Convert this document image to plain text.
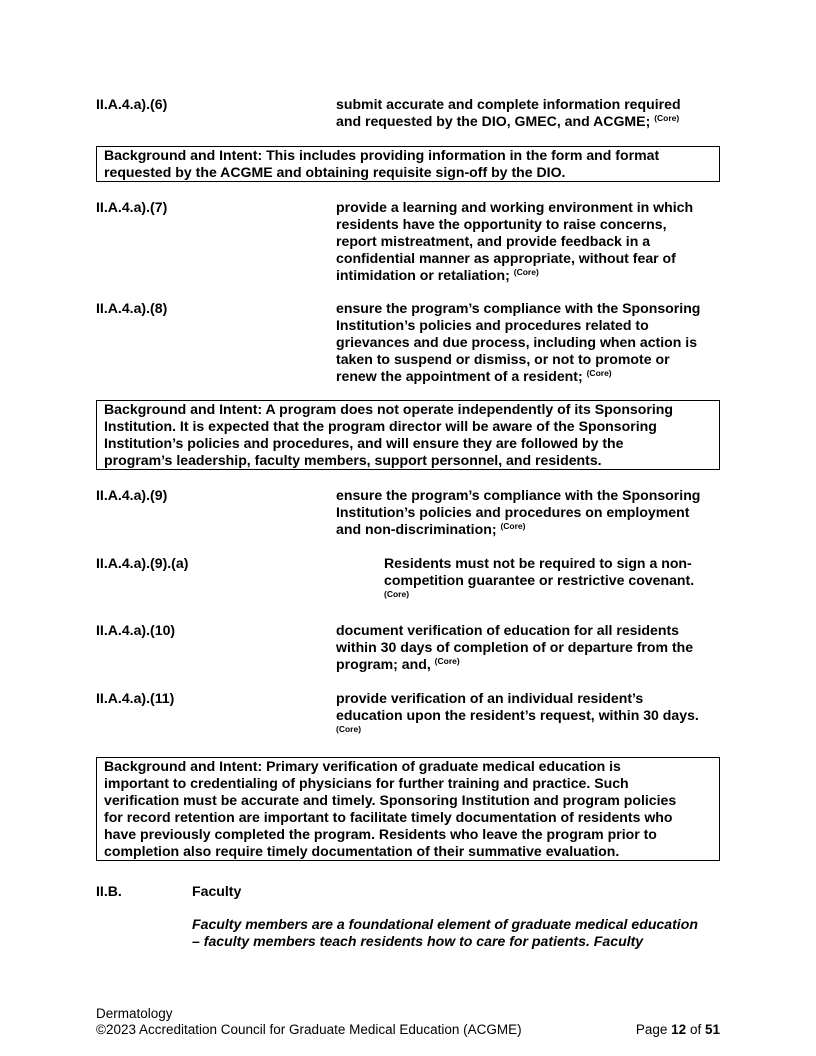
II.A.4.a).(6)	submit accurate and complete information required
and requested by the DIO, GMEC, and ACGME; $^{(Core)}$
Background and Intent: This includes providing information in the form and format
requested by the ACGME and obtaining requisite sign-off by the DIO.
II.A.4.a).(7)	provide a learning and working environment in which
residents have the opportunity to raise concerns,
report mistreatment, and provide feedback in a
confidential manner as appropriate, without fear of
intimidation or retaliation; $^{(Core)}$
II.A.4.a).(8)	ensure the program’s compliance with the Sponsoring
Institution’s policies and procedures related to
grievances and due process, including when action is
taken to suspend or dismiss, or not to promote or
renew the appointment of a resident; $^{(Core)}$
Background and Intent: A program does not operate independently of its Sponsoring
Institution. It is expected that the program director will be aware of the Sponsoring
Institution’s policies and procedures, and will ensure they are followed by the
program’s leadership, faculty members, support personnel, and residents.
II.A.4.a).(9)	ensure the program’s compliance with the Sponsoring
Institution’s policies and procedures on employment
and non-discrimination; $^{(Core)}$
II.A.4.a).(9).(a)	Residents must not be required to sign a non-
competition guarantee or restrictive covenant.
(Core)
II.A.4.a).(10)	document verification of education for all residents
within 30 days of completion of or departure from the
program; and, $^{(Core)}$
II.A.4.a).(11)	provide verification of an individual resident’s
education upon the resident’s request, within 30 days.
(Core)
Background and Intent: Primary verification of graduate medical education is
important to credentialing of physicians for further training and practice. Such
verification must be accurate and timely. Sponsoring Institution and program policies
for record retention are important to facilitate timely documentation of residents who
have previously completed the program. Residents who leave the program prior to
completion also require timely documentation of their summative evaluation.
II.B.	Faculty
Faculty members are a foundational element of graduate medical education
– faculty members teach residents how to care for patients. Faculty
Dermatology
©2023 Accreditation Council for Graduate Medical Education (ACGME)	Page 12 of 51
